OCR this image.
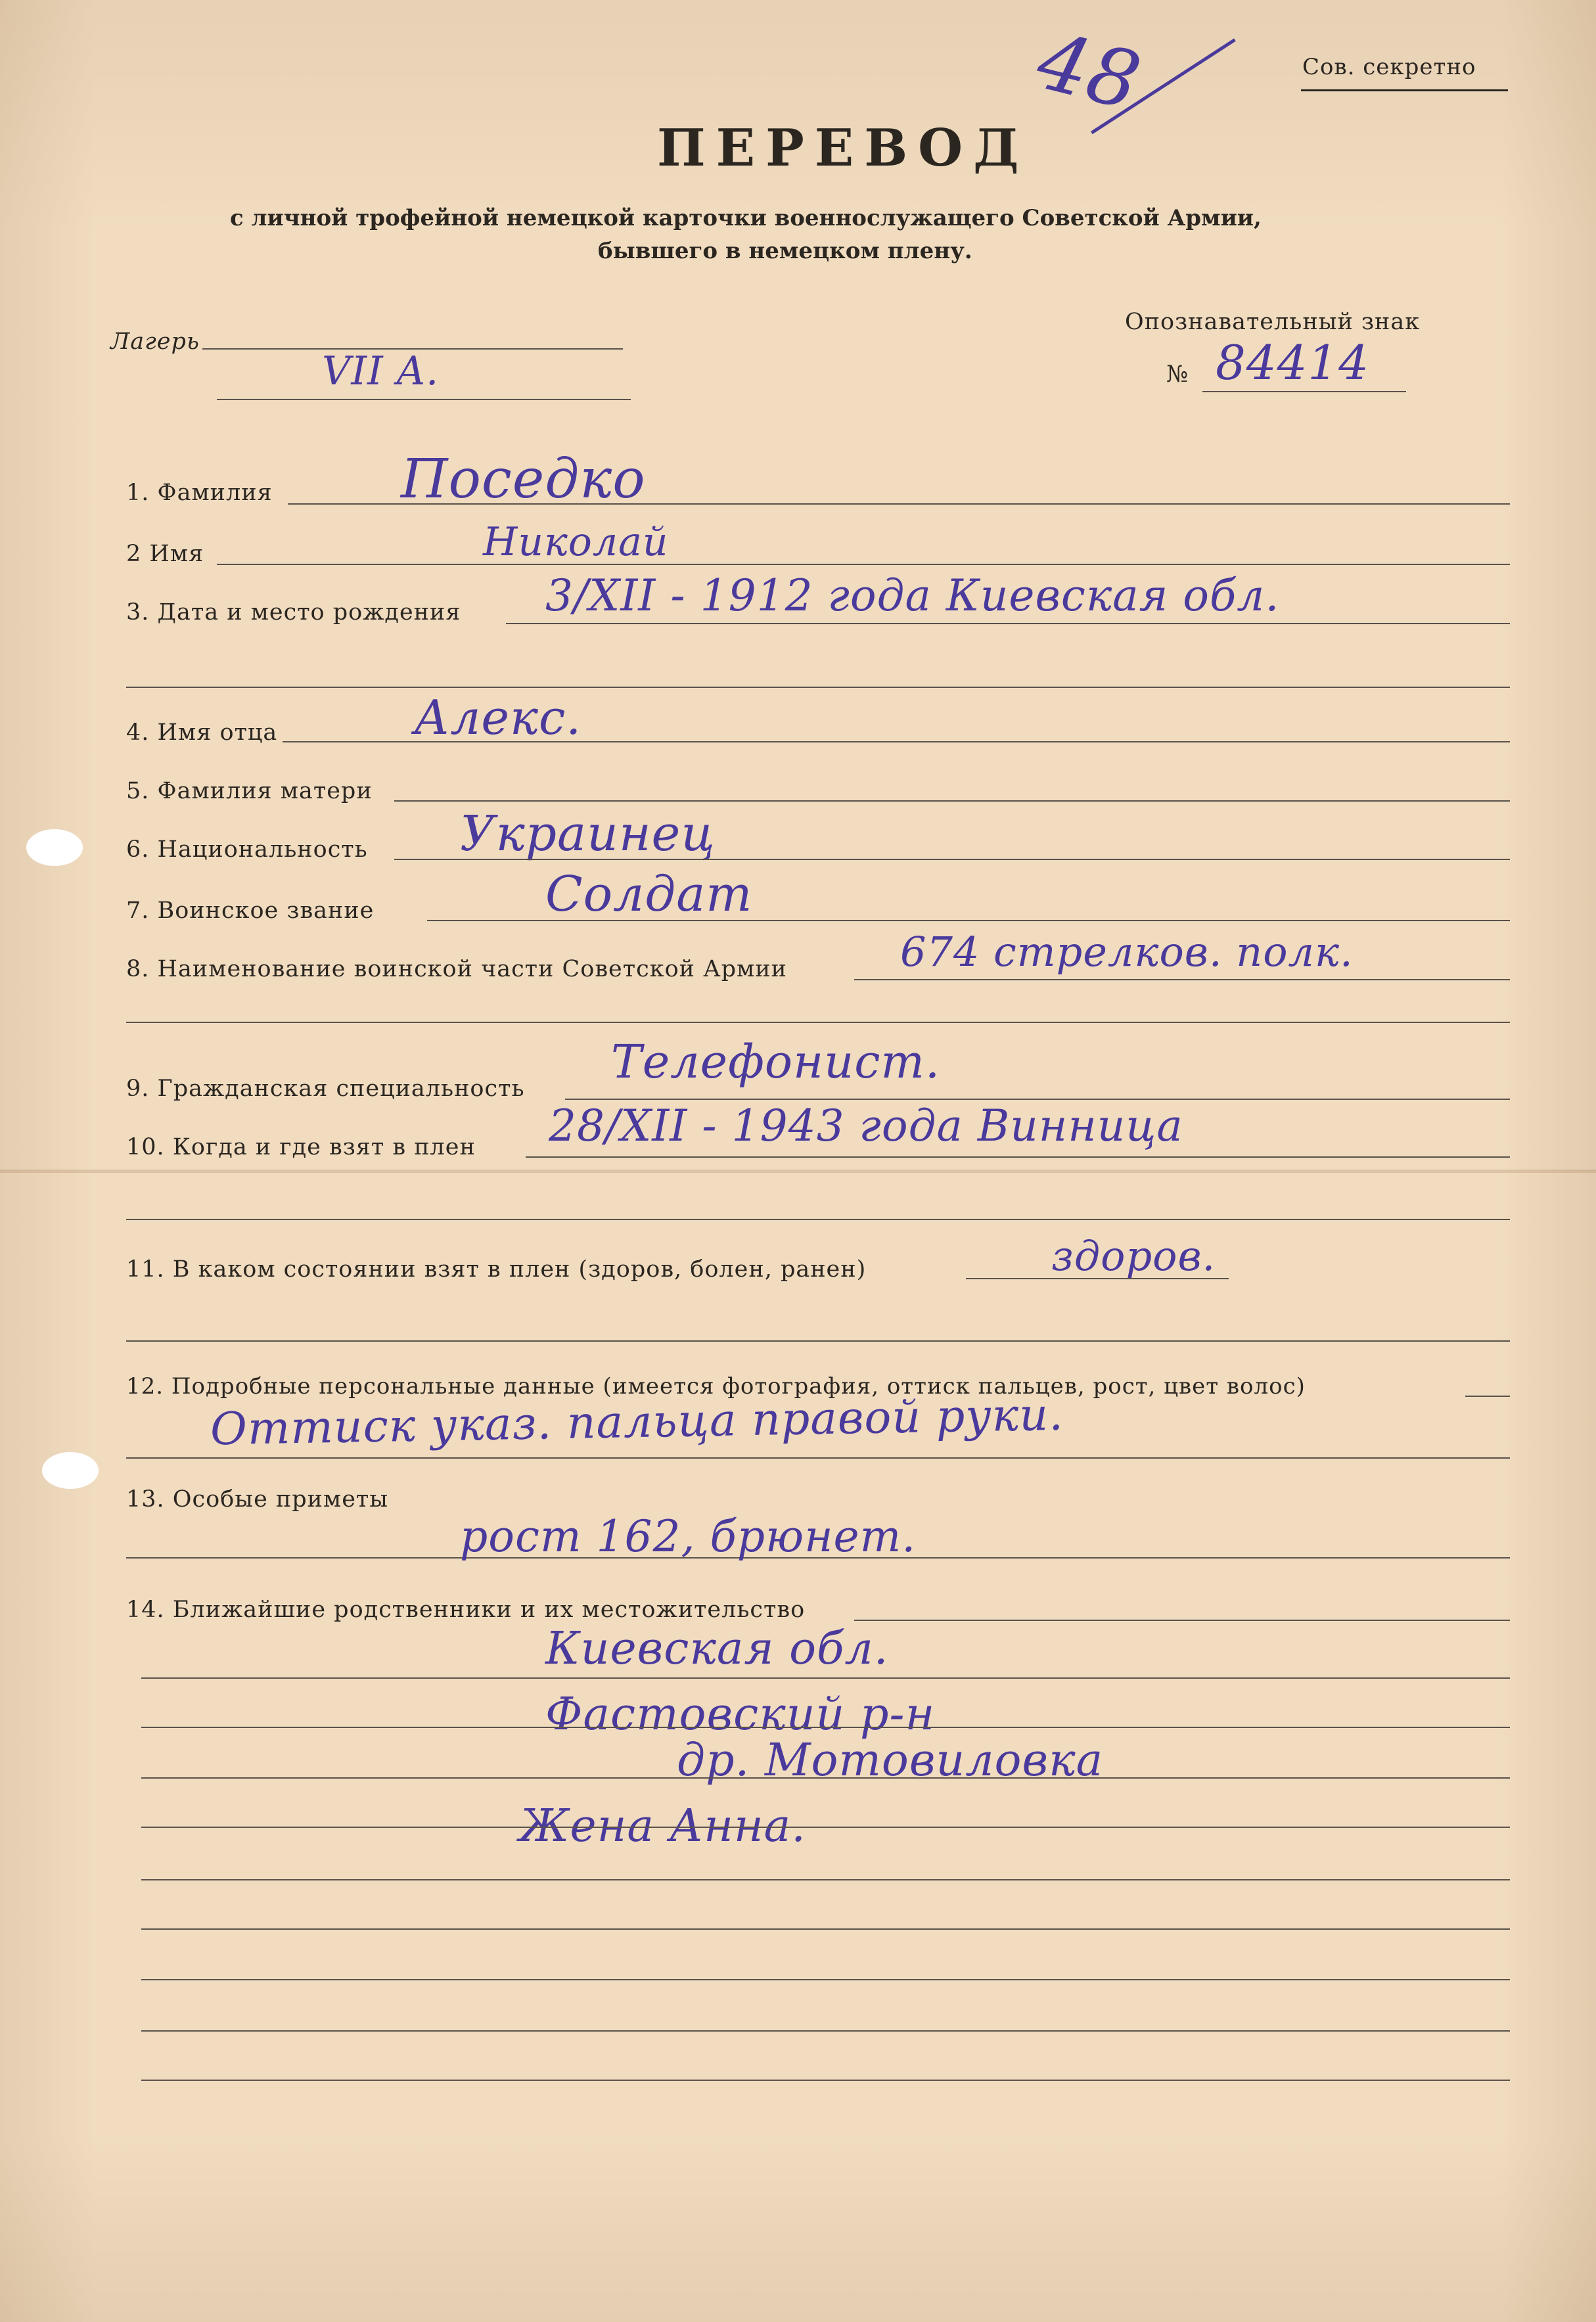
Сов. секретно
48
ПЕРЕВОД
с личной трофейной немецкой карточки военнослужащего Советской Армии,
бывшего в немецком плену.
Лагерь
VII A.
Опознавательный знак
№ 84414
1. Фамилия Поседко
2 Имя	Николай
3. Дата и место рождения 3/XII - 1912 года Киевская обл.
4. Имя отца	Алекс.
5. Фамилия матери
6. Национальность Украинец
7. Воинское звание	Солдат
8. Наименование воинской части Советской Армии	674 стрелков. полк.
9. Гражданская специальность Телефонист.
10. Когда и где взят в плен 28/XII - 1943 года Винница
11. В каком состоянии взят в плен (здоров, болен, ранен)	здоров.
12. Подробные персональные данные (имеется фотография, оттиск пальцев, рост, цвет волос)
Оттиск указ. пальца правой руки.
13. Особые приметы
рост 162, брюнет.
14. Ближайшие родственники и их местожительство
Киевская обл.
Фастовский р-н
др. Мотовиловка
Жена Анна.
